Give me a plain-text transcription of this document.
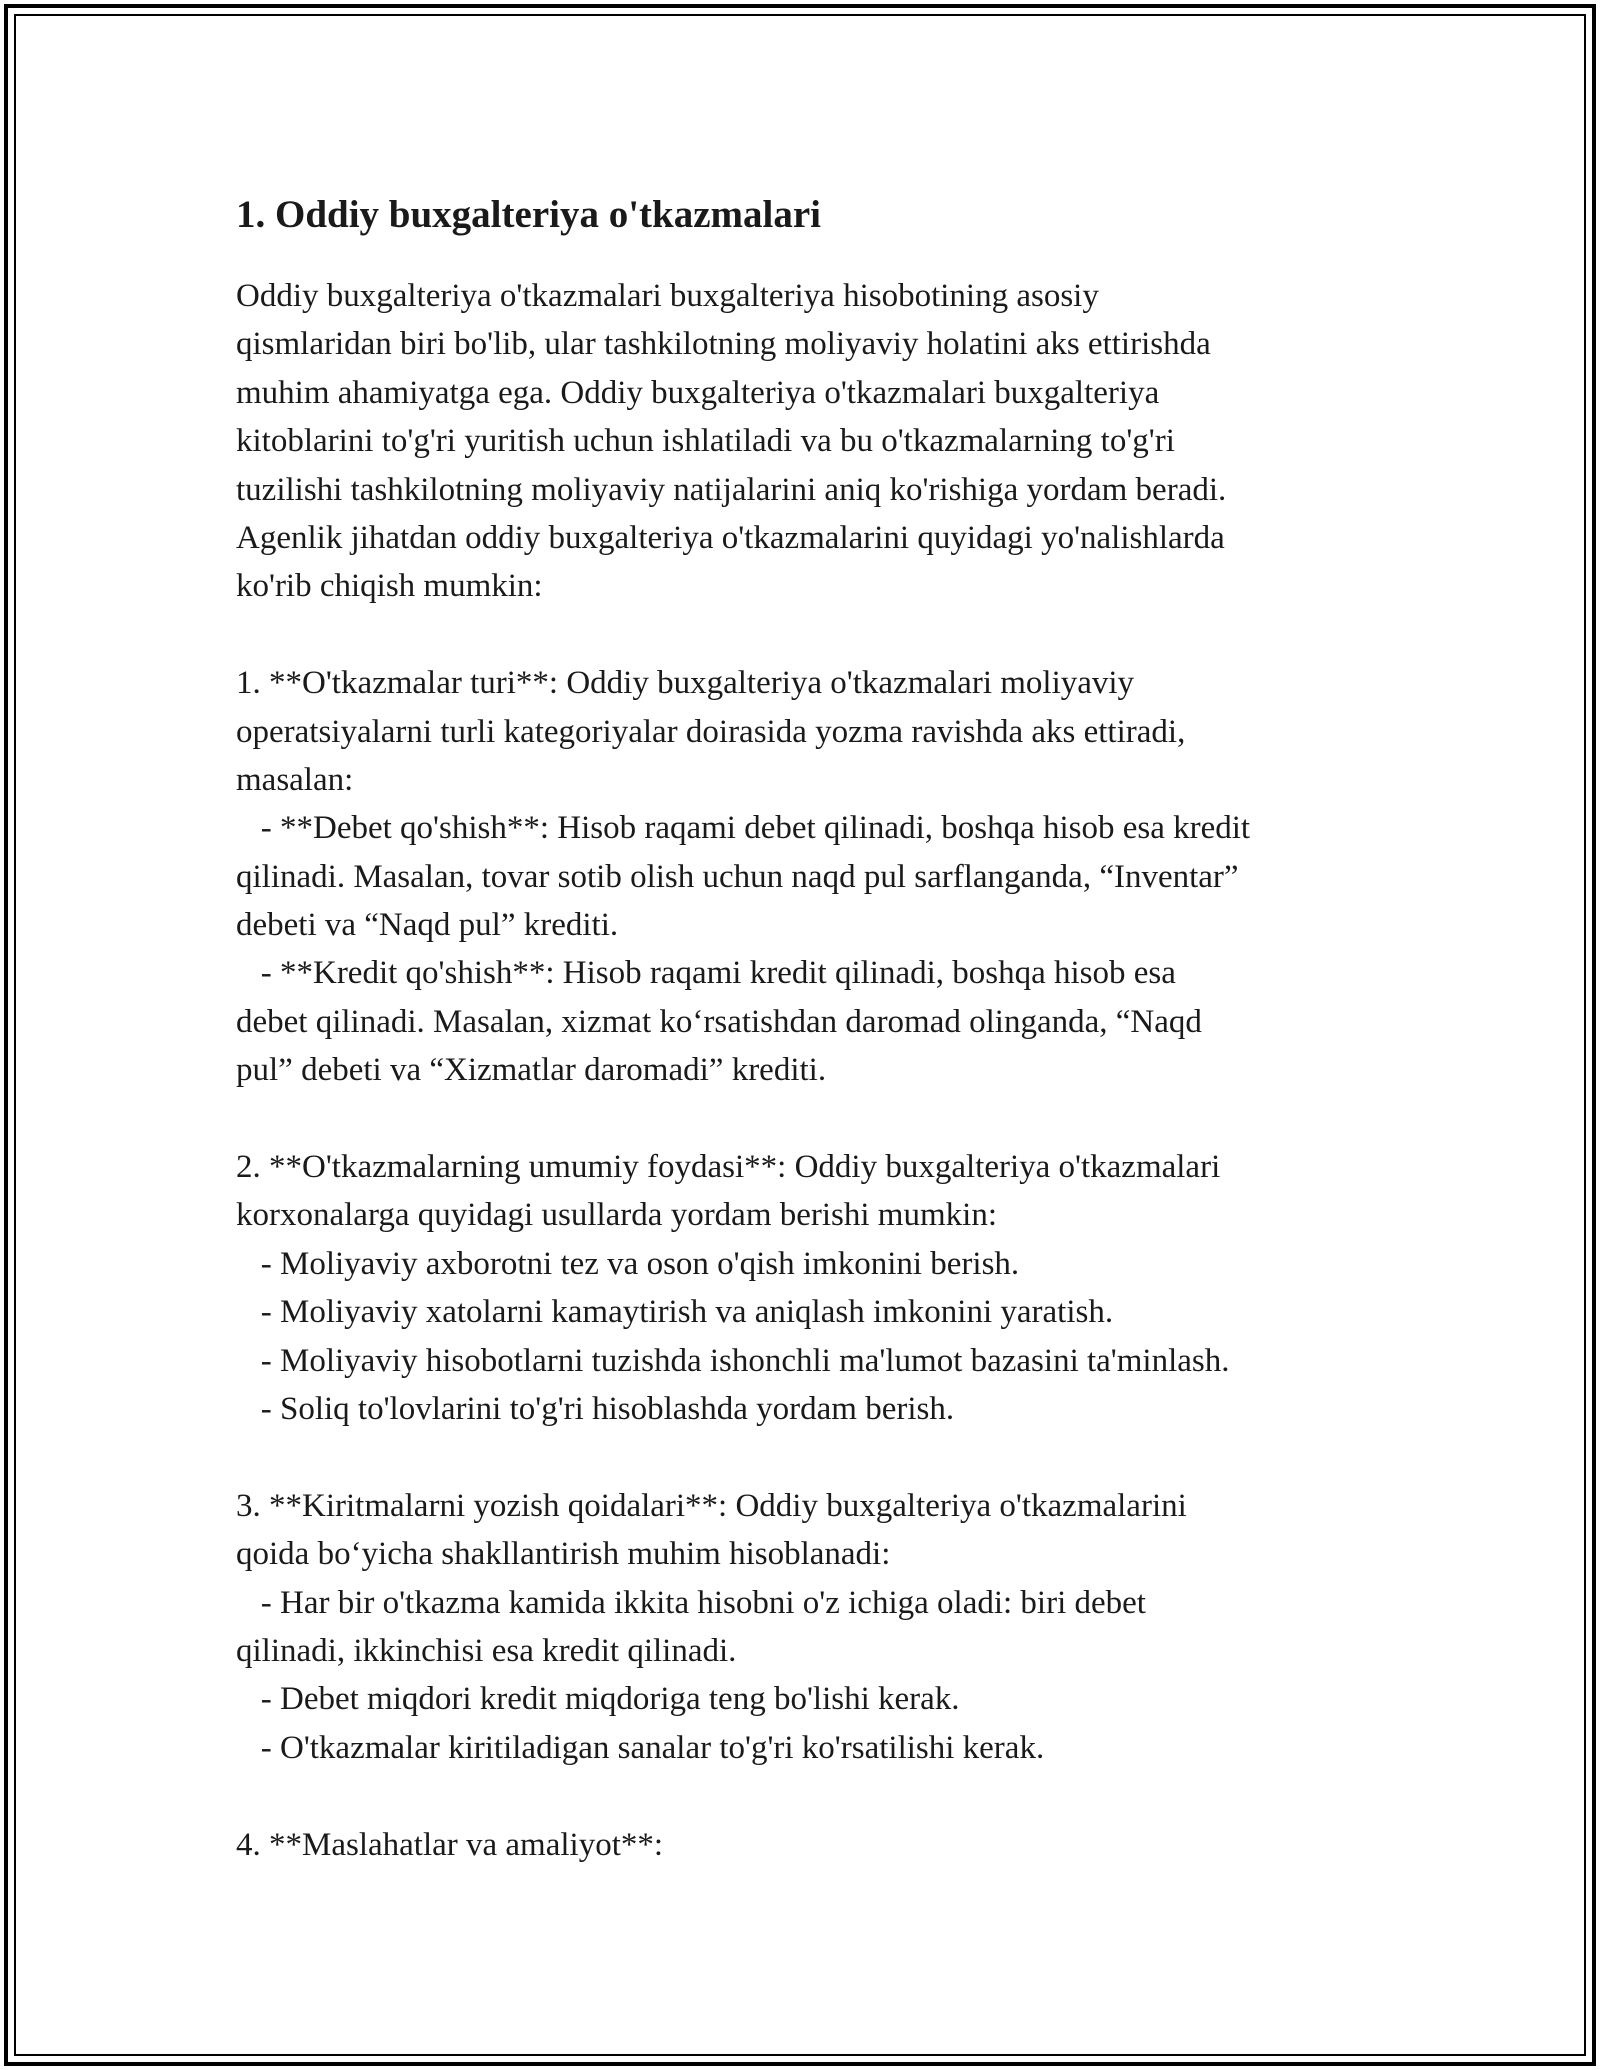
1. Oddiy buxgalteriya o'tkazmalari
Oddiy buxgalteriya o'tkazmalari buxgalteriya hisobotining asosiy
qismlaridan biri bo'lib, ular tashkilotning moliyaviy holatini aks ettirishda
muhim ahamiyatga ega. Oddiy buxgalteriya o'tkazmalari buxgalteriya
kitoblarini to'g'ri yuritish uchun ishlatiladi va bu o'tkazmalarning to'g'ri
tuzilishi tashkilotning moliyaviy natijalarini aniq ko'rishiga yordam beradi.
Agenlik jihatdan oddiy buxgalteriya o'tkazmalarini quyidagi yo'nalishlarda
ko'rib chiqish mumkin:
1. **O'tkazmalar turi**: Oddiy buxgalteriya o'tkazmalari moliyaviy
operatsiyalarni turli kategoriyalar doirasida yozma ravishda aks ettiradi,
masalan:
- **Debet qo'shish**: Hisob raqami debet qilinadi, boshqa hisob esa kredit
qilinadi. Masalan, tovar sotib olish uchun naqd pul sarflanganda, “Inventar”
debeti va “Naqd pul” krediti.
- **Kredit qo'shish**: Hisob raqami kredit qilinadi, boshqa hisob esa
debet qilinadi. Masalan, xizmat ko‘rsatishdan daromad olinganda, “Naqd
pul” debeti va “Xizmatlar daromadi” krediti.
2. **O'tkazmalarning umumiy foydasi**: Oddiy buxgalteriya o'tkazmalari
korxonalarga quyidagi usullarda yordam berishi mumkin:
- Moliyaviy axborotni tez va oson o'qish imkonini berish.
- Moliyaviy xatolarni kamaytirish va aniqlash imkonini yaratish.
- Moliyaviy hisobotlarni tuzishda ishonchli ma'lumot bazasini ta'minlash.
- Soliq to'lovlarini to'g'ri hisoblashda yordam berish.
3. **Kiritmalarni yozish qoidalari**: Oddiy buxgalteriya o'tkazmalarini
qoida bo‘yicha shakllantirish muhim hisoblanadi:
- Har bir o'tkazma kamida ikkita hisobni o'z ichiga oladi: biri debet
qilinadi, ikkinchisi esa kredit qilinadi.
- Debet miqdori kredit miqdoriga teng bo'lishi kerak.
- O'tkazmalar kiritiladigan sanalar to'g'ri ko'rsatilishi kerak.
4. **Maslahatlar va amaliyot**:
